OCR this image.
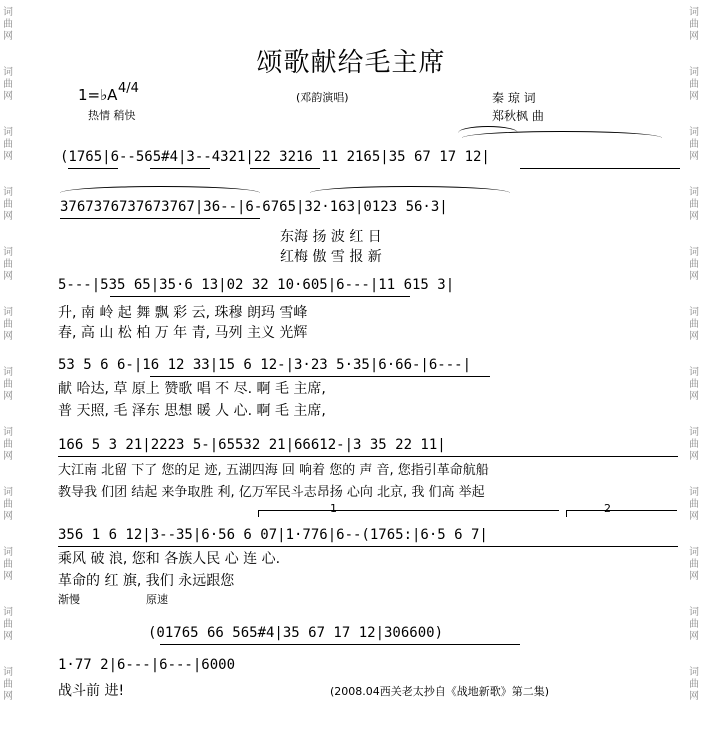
词
曲
网
词
曲
网
词
曲
网
词
曲
网
词
曲
网
词
曲
网
词
曲
网
词
曲
网
词
曲
网
词
曲
网
词
曲
网
词
曲
网
词
曲
网
词
曲
网
词
曲
网
词
曲
网
词
曲
网
词
曲
网
词
曲
网
词
曲
网
词
曲
网
词
曲
网
词
曲
网
词
曲
网
颂歌献给毛主席
1=♭A 4/4
热情 稍快
(邓韵演唱)	秦 琼 词
郑秋枫 曲
(1765|6--565#4|3--4321|22 3216 11 2165|35 67 17 12|
3767376737673767|36--|6-6765|32·163|0123 56·3|
东海 扬 波 红 日
红梅 傲 雪 报 新
5---|535 65|35·6 13|02 32 10·605|6---|11 615 3|
升, 南 岭 起 舞 飘 彩 云, 珠穆 朗玛 雪峰
春, 高 山 松 柏 万 年 青, 马列 主义 光辉
53 5 6 6-|16 12 33|15 6 12-|3·23 5·35|6·66-|6---|
献 哈达, 草 原上 赞歌 唱 不 尽. 啊 毛 主席,
普 天照, 毛 泽东 思想 暖 人 心. 啊 毛 主席,
166 5 3 21|2223 5-|65532 21|66612-|3 35 22 11|
大江南 北留 下了 您的足 迹, 五湖四海 回 响着 您的 声 音, 您指引革命航船
教导我 们团 结起 来争取胜 利, 亿万军民斗志昂扬 心向 北京, 我 们高 举起
1	2
356 1 6 12|3--35|6·56 6 07|1·776|6--(1765:|6·5 6 7|
乘风 破 浪, 您和 各族人民 心 连 心.
革命的 红 旗, 我们 永远跟您
渐慢	原速
(01765 66 565#4|35 67 17 12|306600)
1·77 2|6---|6---|6000
战斗前 进!	(2008.04西关老太抄自《战地新歌》第二集)
